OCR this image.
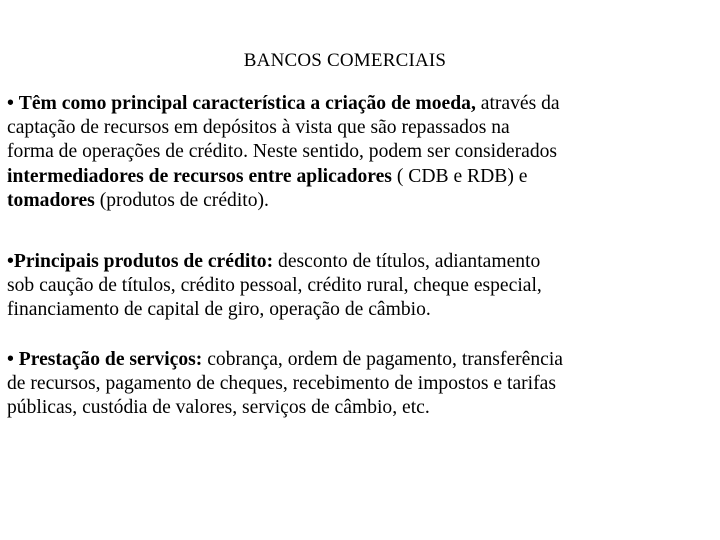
BANCOS COMERCIAIS
• Têm como principal característica a criação de moeda, através da
captação de recursos em depósitos à vista que são repassados na
forma de operações de crédito. Neste sentido, podem ser considerados
intermediadores de recursos entre aplicadores ( CDB e RDB) e
tomadores (produtos de crédito).
•Principais produtos de crédito: desconto de títulos, adiantamento
sob caução de títulos, crédito pessoal, crédito rural, cheque especial,
financiamento de capital de giro, operação de câmbio.
• Prestação de serviços: cobrança, ordem de pagamento, transferência
de recursos, pagamento de cheques, recebimento de impostos e tarifas
públicas, custódia de valores, serviços de câmbio, etc.
